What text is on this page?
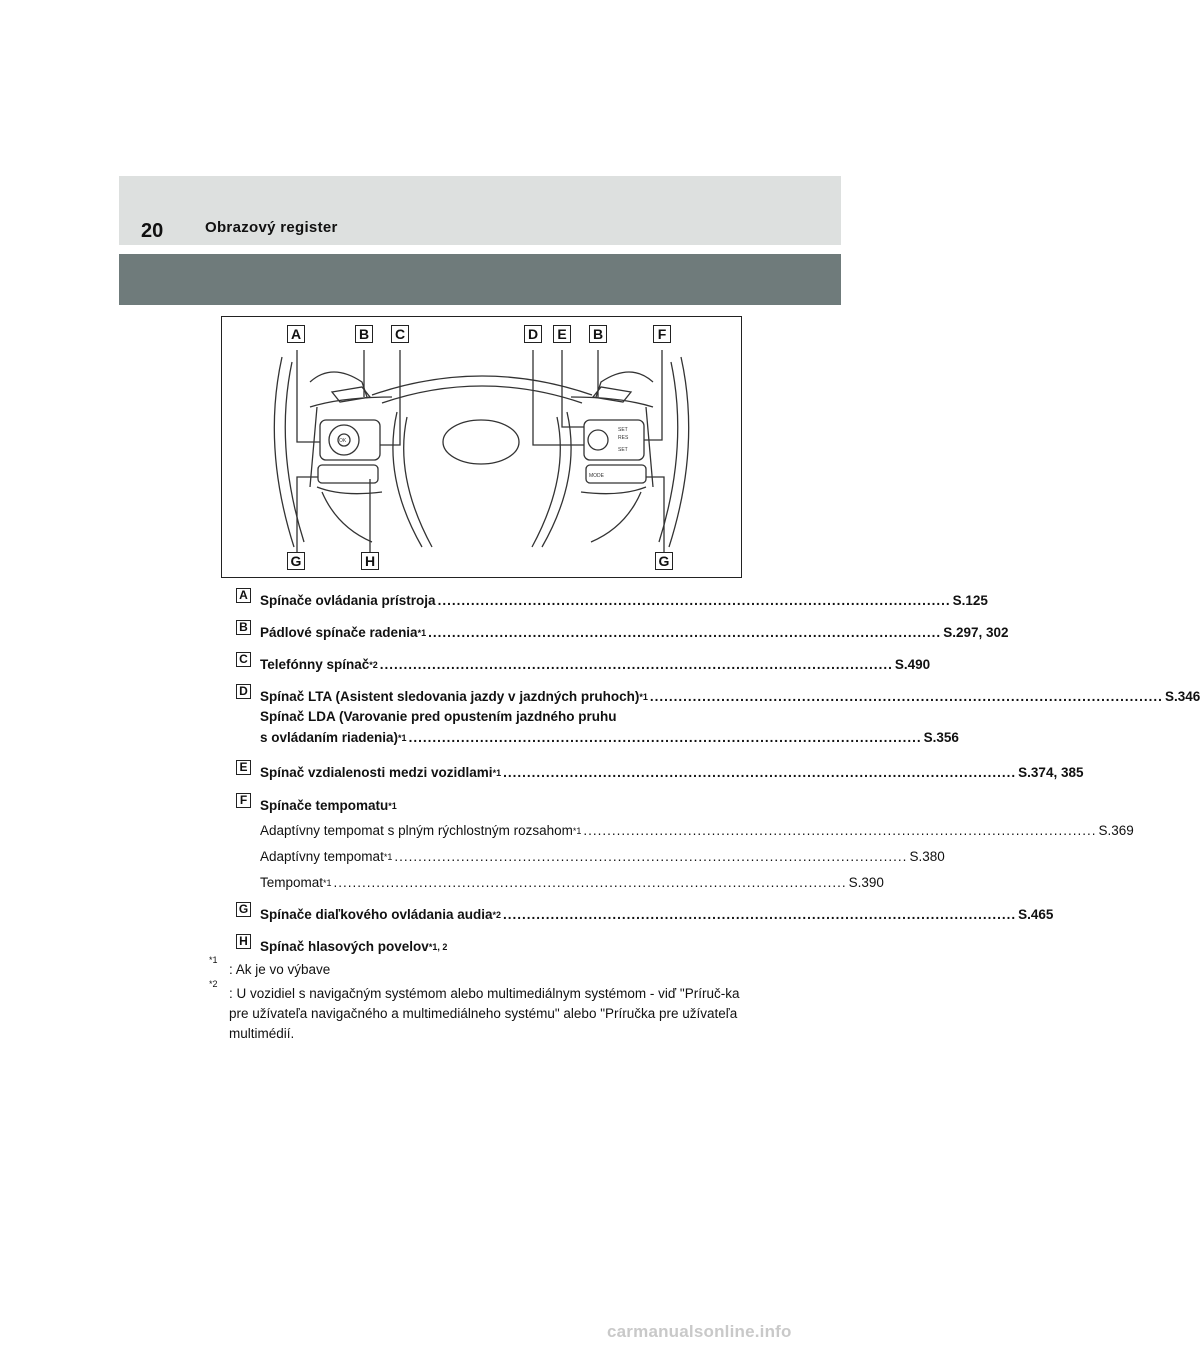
20	Obrazový register
OK
MODE
SET
RES
SET
A	B C	D	E	B	F
G	H	G
A Spínače ovládania prístroja ............................................................................................................ S.125
B Pádlové spínače radenia$^{*1}$ ............................................................................................................ S.297, 302
C Telefónny spínač$^{*2}$ ............................................................................................................ S.490
D Spínač LTA (Asistent sledovania jazdy v jazdných pruhoch)$^{*1}$ ............................................................................................................ S.346
Spínač LDA (Varovanie pred opustením jazdného pruhu
s ovládaním riadenia)$^{*1}$ ............................................................................................................ S.356
E Spínač vzdialenosti medzi vozidlami$^{*1}$ ............................................................................................................ S.374, 385
F Spínače tempomatu$^{*1}$
Adaptívny tempomat s plným rýchlostným rozsahom$^{*1}$ ............................................................................................................ S.369
Adaptívny tempomat$^{*1}$ ............................................................................................................ S.380
Tempomat$^{*1}$ ............................................................................................................ S.390
G Spínače diaľkového ovládania audia$^{*2}$ ............................................................................................................ S.465
H Spínač hlasových povelov$^{*1, 2}$
*1
: Ak je vo výbave
*2
: U vozidiel s navigačným systémom alebo multimediálnym systémom - viď "Príruč-ka pre užívateľa navigačného a multimediálneho systému" alebo "Príručka pre užívateľa multimédií.
carmanualsonline.info
